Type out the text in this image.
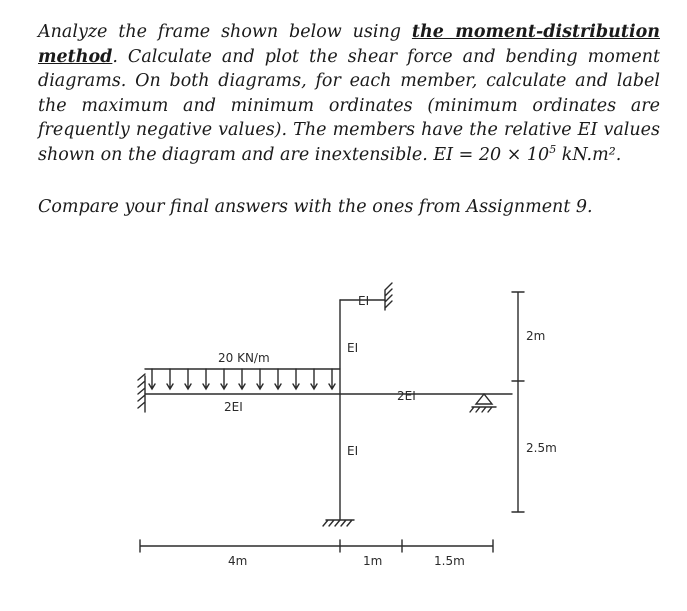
Analyze the frame shown below using the moment-distribution method. Calculate and plot the shear force and bending moment diagrams. On both diagrams, for each member, calculate and label the maximum and minimum ordinates (minimum ordinates are frequently negative values). The members have the relative EI values shown on the diagram and are inextensible. EI = $20 \times 10^5$ kN.m².
Compare your final answers with the ones from Assignment 9.
20 KN/m
2EI
2EI
EI
EI
EI
2m
2.5m
4m	1m	1.5m
